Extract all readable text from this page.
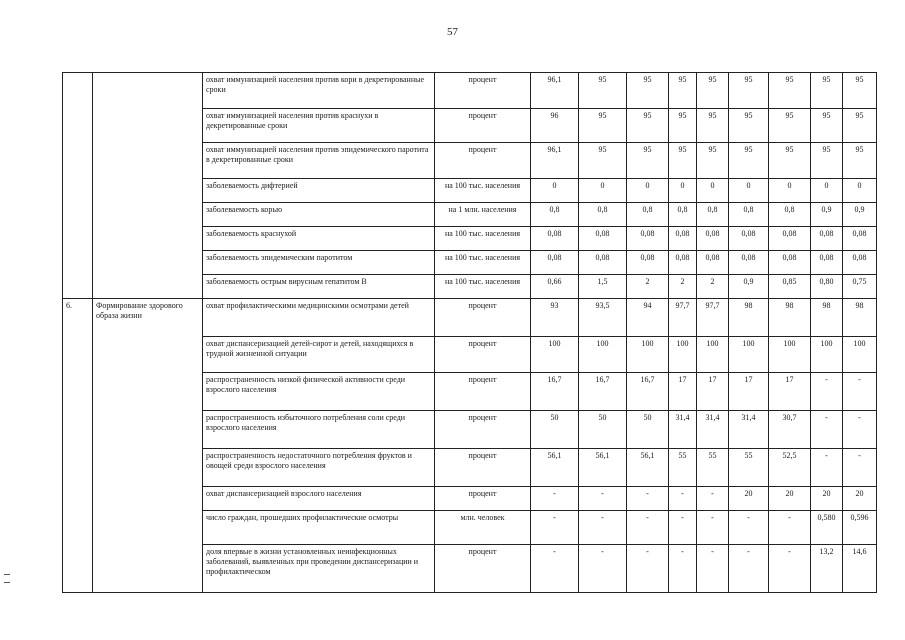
57
		охват иммунизацией населения против кори в декретированные сроки	процент	96,1	95	95	95	95	95	95	95	95
		охват иммунизацией населения против краснухи в декретированные сроки	процент	96	95	95	95	95	95	95	95	95
		охват иммунизацией населения против эпидемического паротита в декретированные сроки	процент	96,1	95	95	95	95	95	95	95	95
		заболеваемость дифтерией	на 100 тыс. населения	0	0	0	0	0	0	0	0	0
		заболеваемость корью	на 1 млн. населения	0,8	0,8	0,8	0,8	0,8	0,8	0,8	0,9	0,9
		заболеваемость краснухой	на 100 тыс. населения	0,08	0,08	0,08	0,08	0,08	0,08	0,08	0,08	0,08
		заболеваемость эпидемическим паротитом	на 100 тыс. населения	0,08	0,08	0,08	0,08	0,08	0,08	0,08	0,08	0,08
		заболеваемость острым вирусным гепатитом В	на 100 тыс. населения	0,66	1,5	2	2	2	0,9	0,85	0,80	0,75
6.	Формирование здорового образа жизни	охват профилактическими медицинскими осмотрами детей	процент	93	93,5	94	97,7	97,7	98	98	98	98
		охват диспансеризацией детей-сирот и детей, находящихся в трудной жизненной ситуации	процент	100	100	100	100	100	100	100	100	100
		распространенность низкой физической активности среди взрослого населения	процент	16,7	16,7	16,7	17	17	17	17	-	-
		распространенность избыточного потребления соли среди взрослого населения	процент	50	50	50	31,4	31,4	31,4	30,7	-	-
		распространенность недостаточного потребления фруктов и овощей среди взрослого населения	процент	56,1	56,1	56,1	55	55	55	52,5	-	-
		охват диспансеризацией взрослого населения	процент	-	-	-	-	-	20	20	20	20
		число граждан, прошедших профилактические осмотры	млн. человек	-	-	-	-	-	-	-	0,580	0,596
		доля впервые в жизни установленных неинфекционных заболеваний, выявленных при проведении диспансеризации и профилактическом	процент	-	-	-	-	-	-	-	13,2	14,6
